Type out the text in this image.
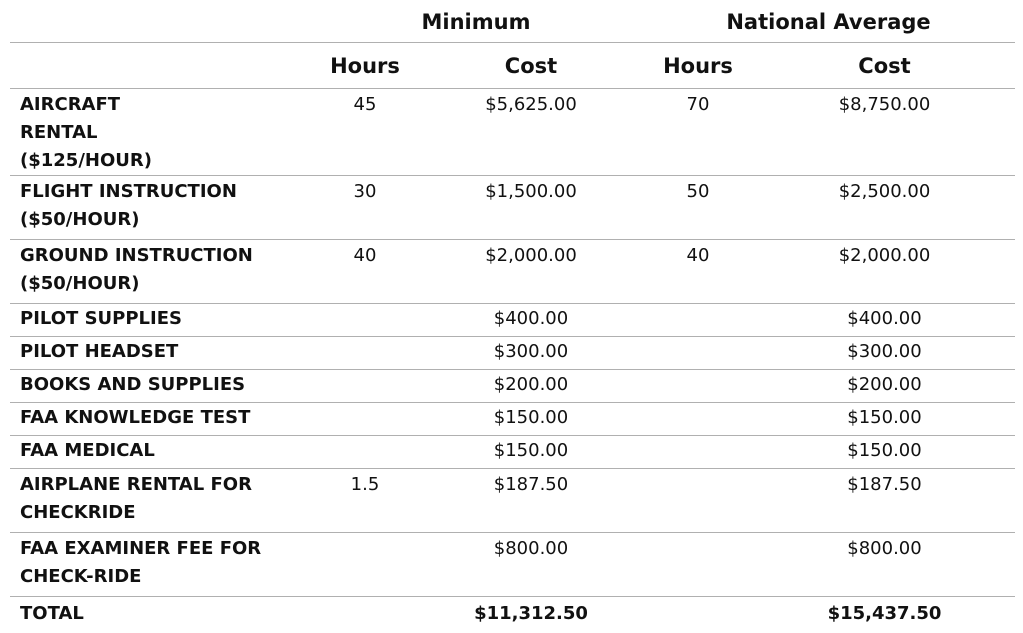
	Minimum		National Average	
	Hours	Cost	Hours	Cost
AIRCRAFT RENTAL ($125/HOUR)	45	$5,625.00	70	$8,750.00
FLIGHT INSTRUCTION ($50/HOUR)	30	$1,500.00	50	$2,500.00
GROUND INSTRUCTION ($50/HOUR)	40	$2,000.00	40	$2,000.00
PILOT SUPPLIES		$400.00		$400.00
PILOT HEADSET		$300.00		$300.00
BOOKS AND SUPPLIES		$200.00		$200.00
FAA KNOWLEDGE TEST		$150.00		$150.00
FAA MEDICAL		$150.00		$150.00
AIRPLANE RENTAL FOR CHECKRIDE	1.5	$187.50		$187.50
FAA EXAMINER FEE FOR CHECK-RIDE		$800.00		$800.00
TOTAL		$11,312.50		$15,437.50
